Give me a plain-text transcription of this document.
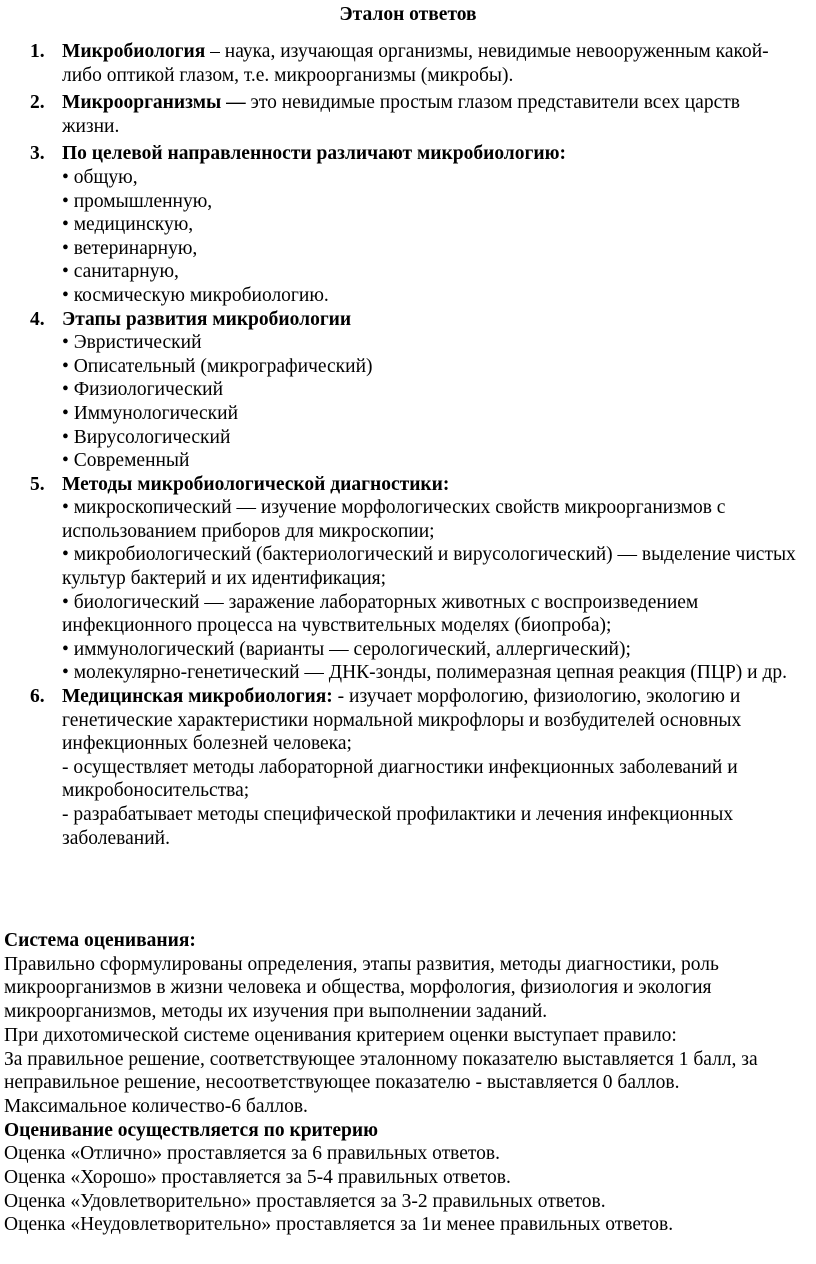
Эталон ответов
1. Микробиология – наука, изучающая организмы, невидимые невооруженным какой-либо оптикой глазом, т.е. микроорганизмы (микробы).
2. Микроорганизмы — это невидимые простым глазом представители всех царств жизни.
3. По целевой направленности различают микробиологию:
• общую,
• промышленную,
• медицинскую,
• ветеринарную,
• санитарную,
• космическую микробиологию.
4. Этапы развития микробиологии
• Эвристический
• Описательный (микрографический)
• Физиологический
• Иммунологический
• Вирусологический
• Современный
5. Методы микробиологической диагностики:
• микроскопический — изучение морфологических свойств микроорганизмов с использованием приборов для микроскопии;
• микробиологический (бактериологический и вирусологический) — выделение чистых культур бактерий и их идентификация;
• биологический — заражение лабораторных животных с воспроизведением инфекционного процесса на чувствительных моделях (биопроба);
• иммунологический (варианты — серологический, аллергический);
• молекулярно-генетический — ДНК-зонды, полимеразная цепная реакция (ПЦР) и др.
6. Медицинская микробиология: - изучает морфологию, физиологию, экологию и генетические характеристики нормальной микрофлоры и возбудителей основных инфекционных болезней человека;
- осуществляет методы лабораторной диагностики инфекционных заболеваний и микробоносительства;
- разрабатывает методы специфической профилактики и лечения инфекционных заболеваний.
Система оценивания:
Правильно сформулированы определения, этапы развития, методы диагностики, роль микроорганизмов в жизни человека и общества, морфология, физиология и экология микроорганизмов, методы их изучения при выполнении заданий.
При дихотомической системе оценивания критерием оценки выступает правило:
За правильное решение, соответствующее эталонному показателю выставляется 1 балл, за неправильное решение, несоответствующее показателю - выставляется 0 баллов.
Максимальное количество-6 баллов.
Оценивание осуществляется по критерию
Оценка «Отлично» проставляется за 6 правильных ответов.
Оценка «Хорошо» проставляется за 5-4 правильных ответов.
Оценка «Удовлетворительно» проставляется за 3-2 правильных ответов.
Оценка «Неудовлетворительно» проставляется за 1и менее правильных ответов.
